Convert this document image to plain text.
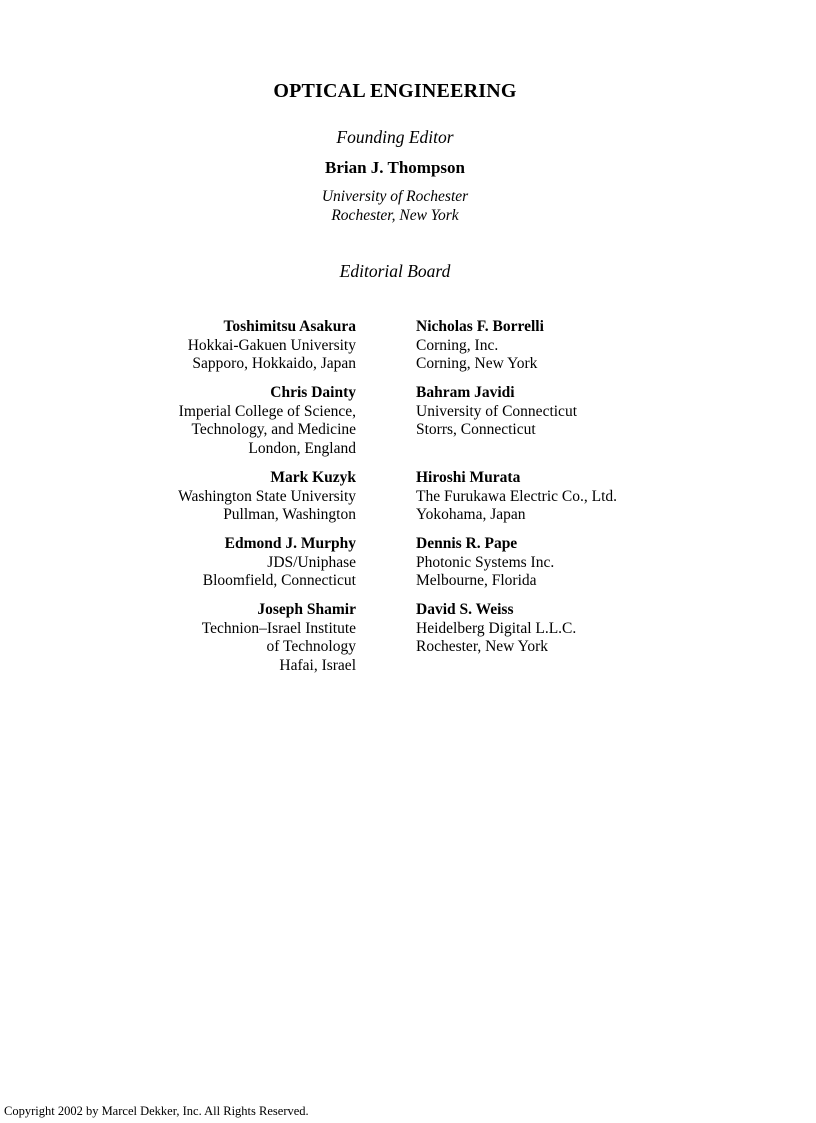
OPTICAL ENGINEERING
Founding Editor
Brian J. Thompson
University of Rochester
Rochester, New York
Editorial Board
Toshimitsu Asakura
Hokkai-Gakuen University
Sapporo, Hokkaido, Japan
Chris Dainty
Imperial College of Science,
Technology, and Medicine
London, England
Mark Kuzyk
Washington State University
Pullman, Washington
Edmond J. Murphy
JDS/Uniphase
Bloomfield, Connecticut
Joseph Shamir
Technion–Israel Institute
of Technology
Hafai, Israel
Nicholas F. Borrelli
Corning, Inc.
Corning, New York
Bahram Javidi
University of Connecticut
Storrs, Connecticut
Hiroshi Murata
The Furukawa Electric Co., Ltd.
Yokohama, Japan
Dennis R. Pape
Photonic Systems Inc.
Melbourne, Florida
David S. Weiss
Heidelberg Digital L.L.C.
Rochester, New York
Copyright 2002 by Marcel Dekker, Inc. All Rights Reserved.
